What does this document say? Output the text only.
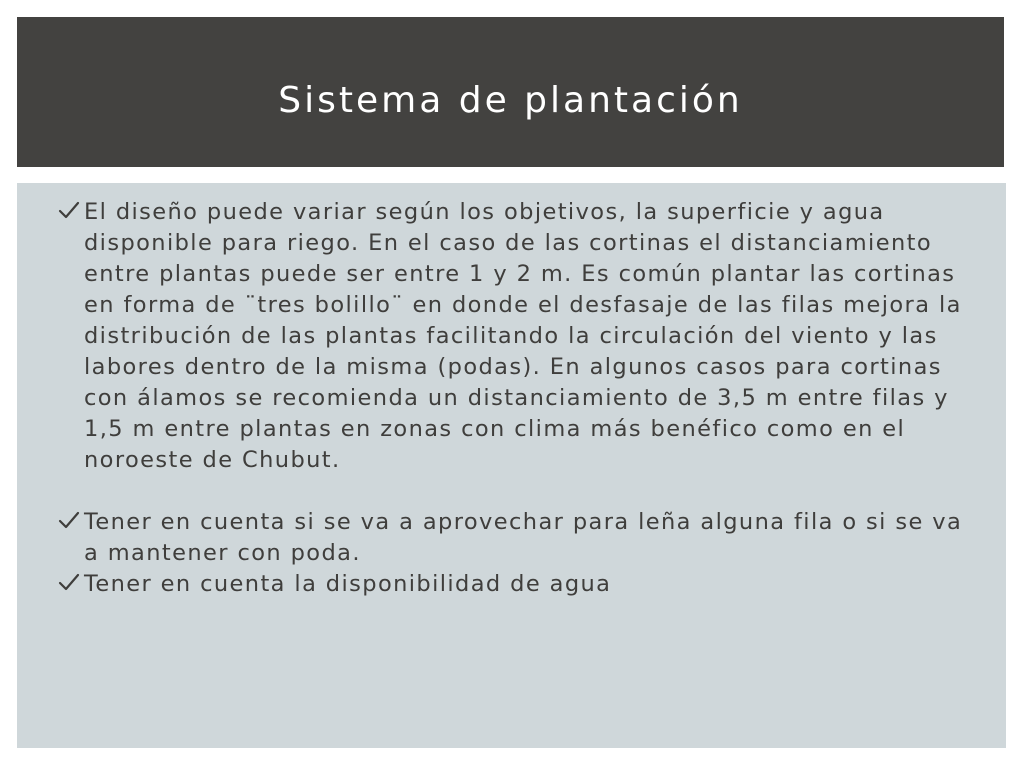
Sistema de plantación
El diseño puede variar según los objetivos, la superficie y agua disponible para riego. En el caso de las cortinas el distanciamiento entre plantas puede ser entre 1 y 2 m. Es común plantar las cortinas en forma de ¨tres bolillo¨ en donde el desfasaje de las filas mejora la distribución de las plantas facilitando la circulación del viento y las labores dentro de la misma (podas). En algunos casos para cortinas con álamos se recomienda un distanciamiento de 3,5 m entre filas y 1,5 m entre plantas en zonas con clima más benéfico como en el noroeste de Chubut.
Tener en cuenta si se va a aprovechar para leña alguna fila o si se va a mantener con poda.
Tener en cuenta la disponibilidad de agua
